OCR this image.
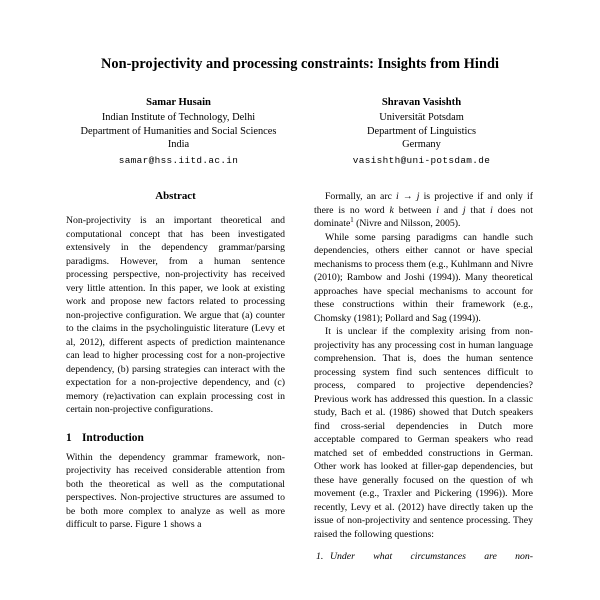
Non-projectivity and processing constraints: Insights from Hindi
Samar Husain
Indian Institute of Technology, Delhi
Department of Humanities and Social Sciences
India
samar@hss.iitd.ac.in
Shravan Vasishth
Universität Potsdam
Department of Linguistics
Germany
vasishth@uni-potsdam.de
Abstract

Non-projectivity is an important theoretical and computational concept that has been investigated extensively in the dependency grammar/parsing paradigms. However, from a human sentence processing perspective, non-projectivity has received very little attention. In this paper, we look at existing work and propose new factors related to processing non-projective configuration. We argue that (a) counter to the claims in the psycholinguistic literature (Levy et al, 2012), different aspects of prediction maintenance can lead to higher processing cost for a non-projective dependency, (b) parsing strategies can interact with the expectation for a non-projective dependency, and (c) memory (re)activation can explain processing cost in certain non-projective configurations.

1 Introduction

Within the dependency grammar framework, non-projectivity has received considerable attention from both the theoretical as well as the computational perspectives. Non-projective structures are assumed to be both more complex to analyze as well as more difficult to parse. Figure 1 shows a

Formally, an arc i → j is projective if and only if there is no word k between i and j that i does not dominate$^1$ (Nivre and Nilsson, 2005).

While some parsing paradigms can handle such dependencies, others either cannot or have special mechanisms to process them (e.g., Kuhlmann and Nivre (2010); Rambow and Joshi (1994)). Many theoretical approaches have special mechanisms to account for these constructions within their framework (e.g., Chomsky (1981); Pollard and Sag (1994)).

It is unclear if the complexity arising from non-projectivity has any processing cost in human language comprehension. That is, does the human sentence processing system find such sentences difficult to process, compared to projective dependencies? Previous work has addressed this question. In a classic study, Bach et al. (1986) showed that Dutch speakers find cross-serial dependencies in Dutch more acceptable compared to German speakers who read matched set of embedded constructions in German. Other work has looked at filler-gap dependencies, but these have generally focused on the question of wh movement (e.g., Traxler and Pickering (1996)). More recently, Levy et al. (2012) have directly taken up the issue of non-projectivity and sentence processing. They raised the following questions:

1. Under what circumstances are non-
